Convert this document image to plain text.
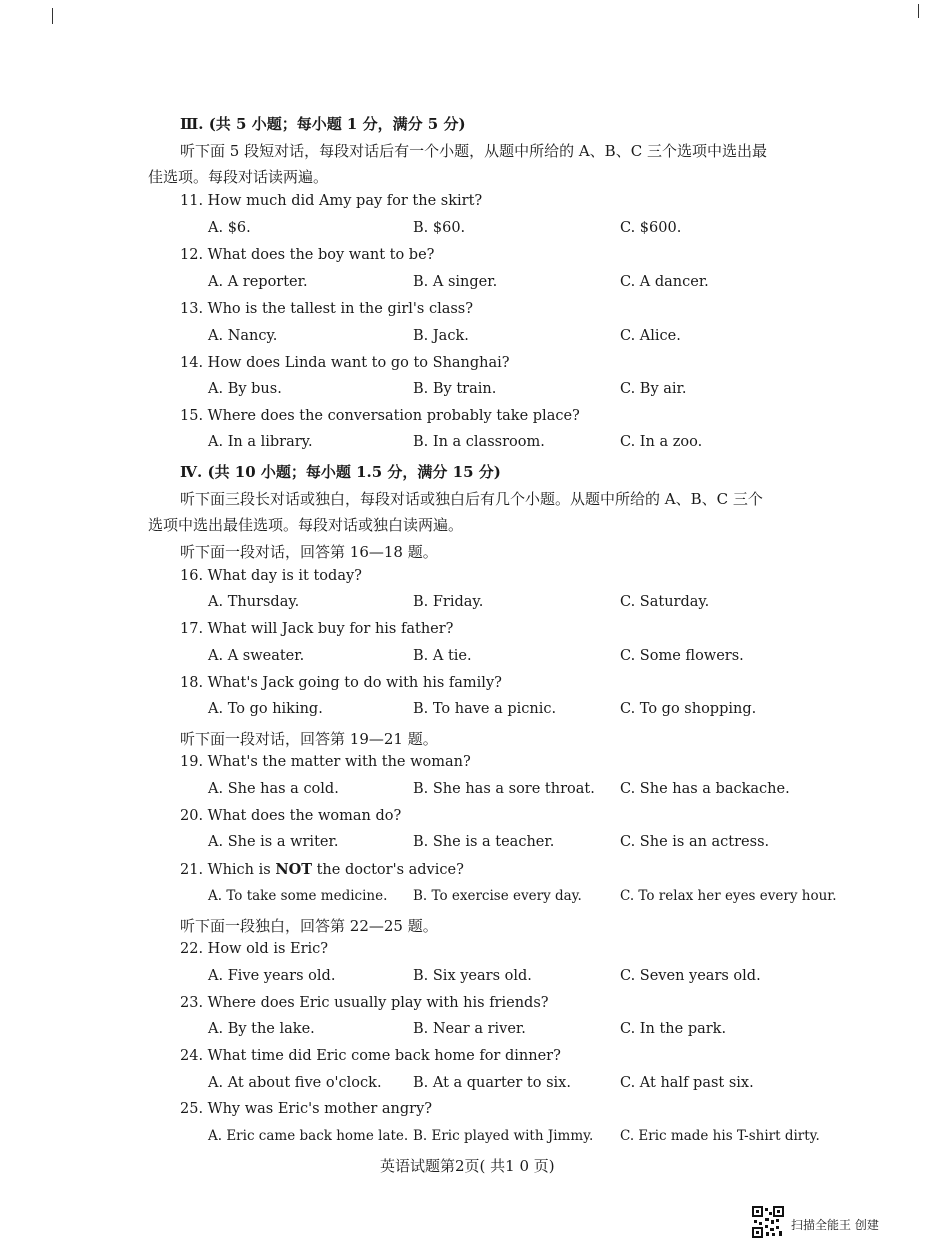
Ⅲ. (共 5 小题；每小题 1 分，满分 5 分)
听下面 5 段短对话，每段对话后有一个小题，从题中所给的 A、B、C 三个选项中选出最
佳选项。每段对话读两遍。
11. How much did Amy pay for the skirt?
A. $6.	B. $60.	C. $600.
12. What does the boy want to be?
A. A reporter.	B. A singer.	C. A dancer.
13. Who is the tallest in the girl's class?
A. Nancy.	B. Jack.	C. Alice.
14. How does Linda want to go to Shanghai?
A. By bus.	B. By train.	C. By air.
15. Where does the conversation probably take place?
A. In a library.	B. In a classroom.	C. In a zoo.
Ⅳ. (共 10 小题；每小题 1.5 分，满分 15 分)
听下面三段长对话或独白，每段对话或独白后有几个小题。从题中所给的 A、B、C 三个
选项中选出最佳选项。每段对话或独白读两遍。
听下面一段对话，回答第 16—18 题。
16. What day is it today?
A. Thursday.	B. Friday.	C. Saturday.
17. What will Jack buy for his father?
A. A sweater.	B. A tie.	C. Some flowers.
18. What's Jack going to do with his family?
A. To go hiking.	B. To have a picnic.	C. To go shopping.
听下面一段对话，回答第 19—21 题。
19. What's the matter with the woman?
A. She has a cold.	B. She has a sore throat. C. She has a backache.
20. What does the woman do?
A. She is a writer.	B. She is a teacher.	C. She is an actress.
21. Which is NOT the doctor's advice?
A. To take some medicine. B. To exercise every day.	C. To relax her eyes every hour.
听下面一段独白，回答第 22—25 题。
22. How old is Eric?
A. Five years old.	B. Six years old.	C. Seven years old.
23. Where does Eric usually play with his friends?
A. By the lake.	B. Near a river.	C. In the park.
24. What time did Eric come back home for dinner?
A. At about five o'clock. B. At a quarter to six.	C. At half past six.
25. Why was Eric's mother angry?
A. Eric came back home late. B. Eric played with Jimmy. C. Eric made his T-shirt dirty.
英语试题第2页( 共1 0 页)
扫描全能王 创建
